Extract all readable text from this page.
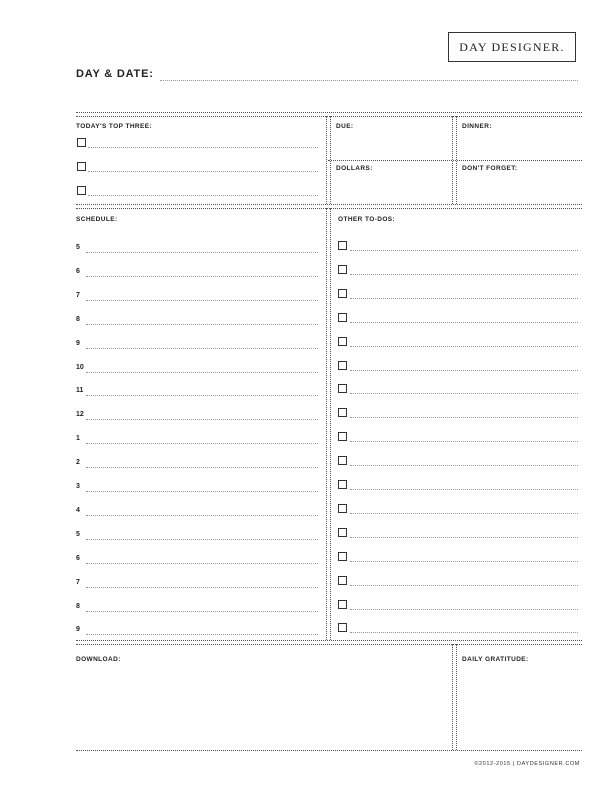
DAY DESIGNER.
DAY & DATE:
TODAY'S TOP THREE:	DUE:	DINNER:
DOLLARS:	DON'T FORGET:
SCHEDULE:	OTHER TO-DOS:
5
6
7
8
9
10
11
12
1
2
3
4
5
6
7
8
9
DOWNLOAD:	DAILY GRATITUDE:
©2012-2015 | DAYDESIGNER.COM
